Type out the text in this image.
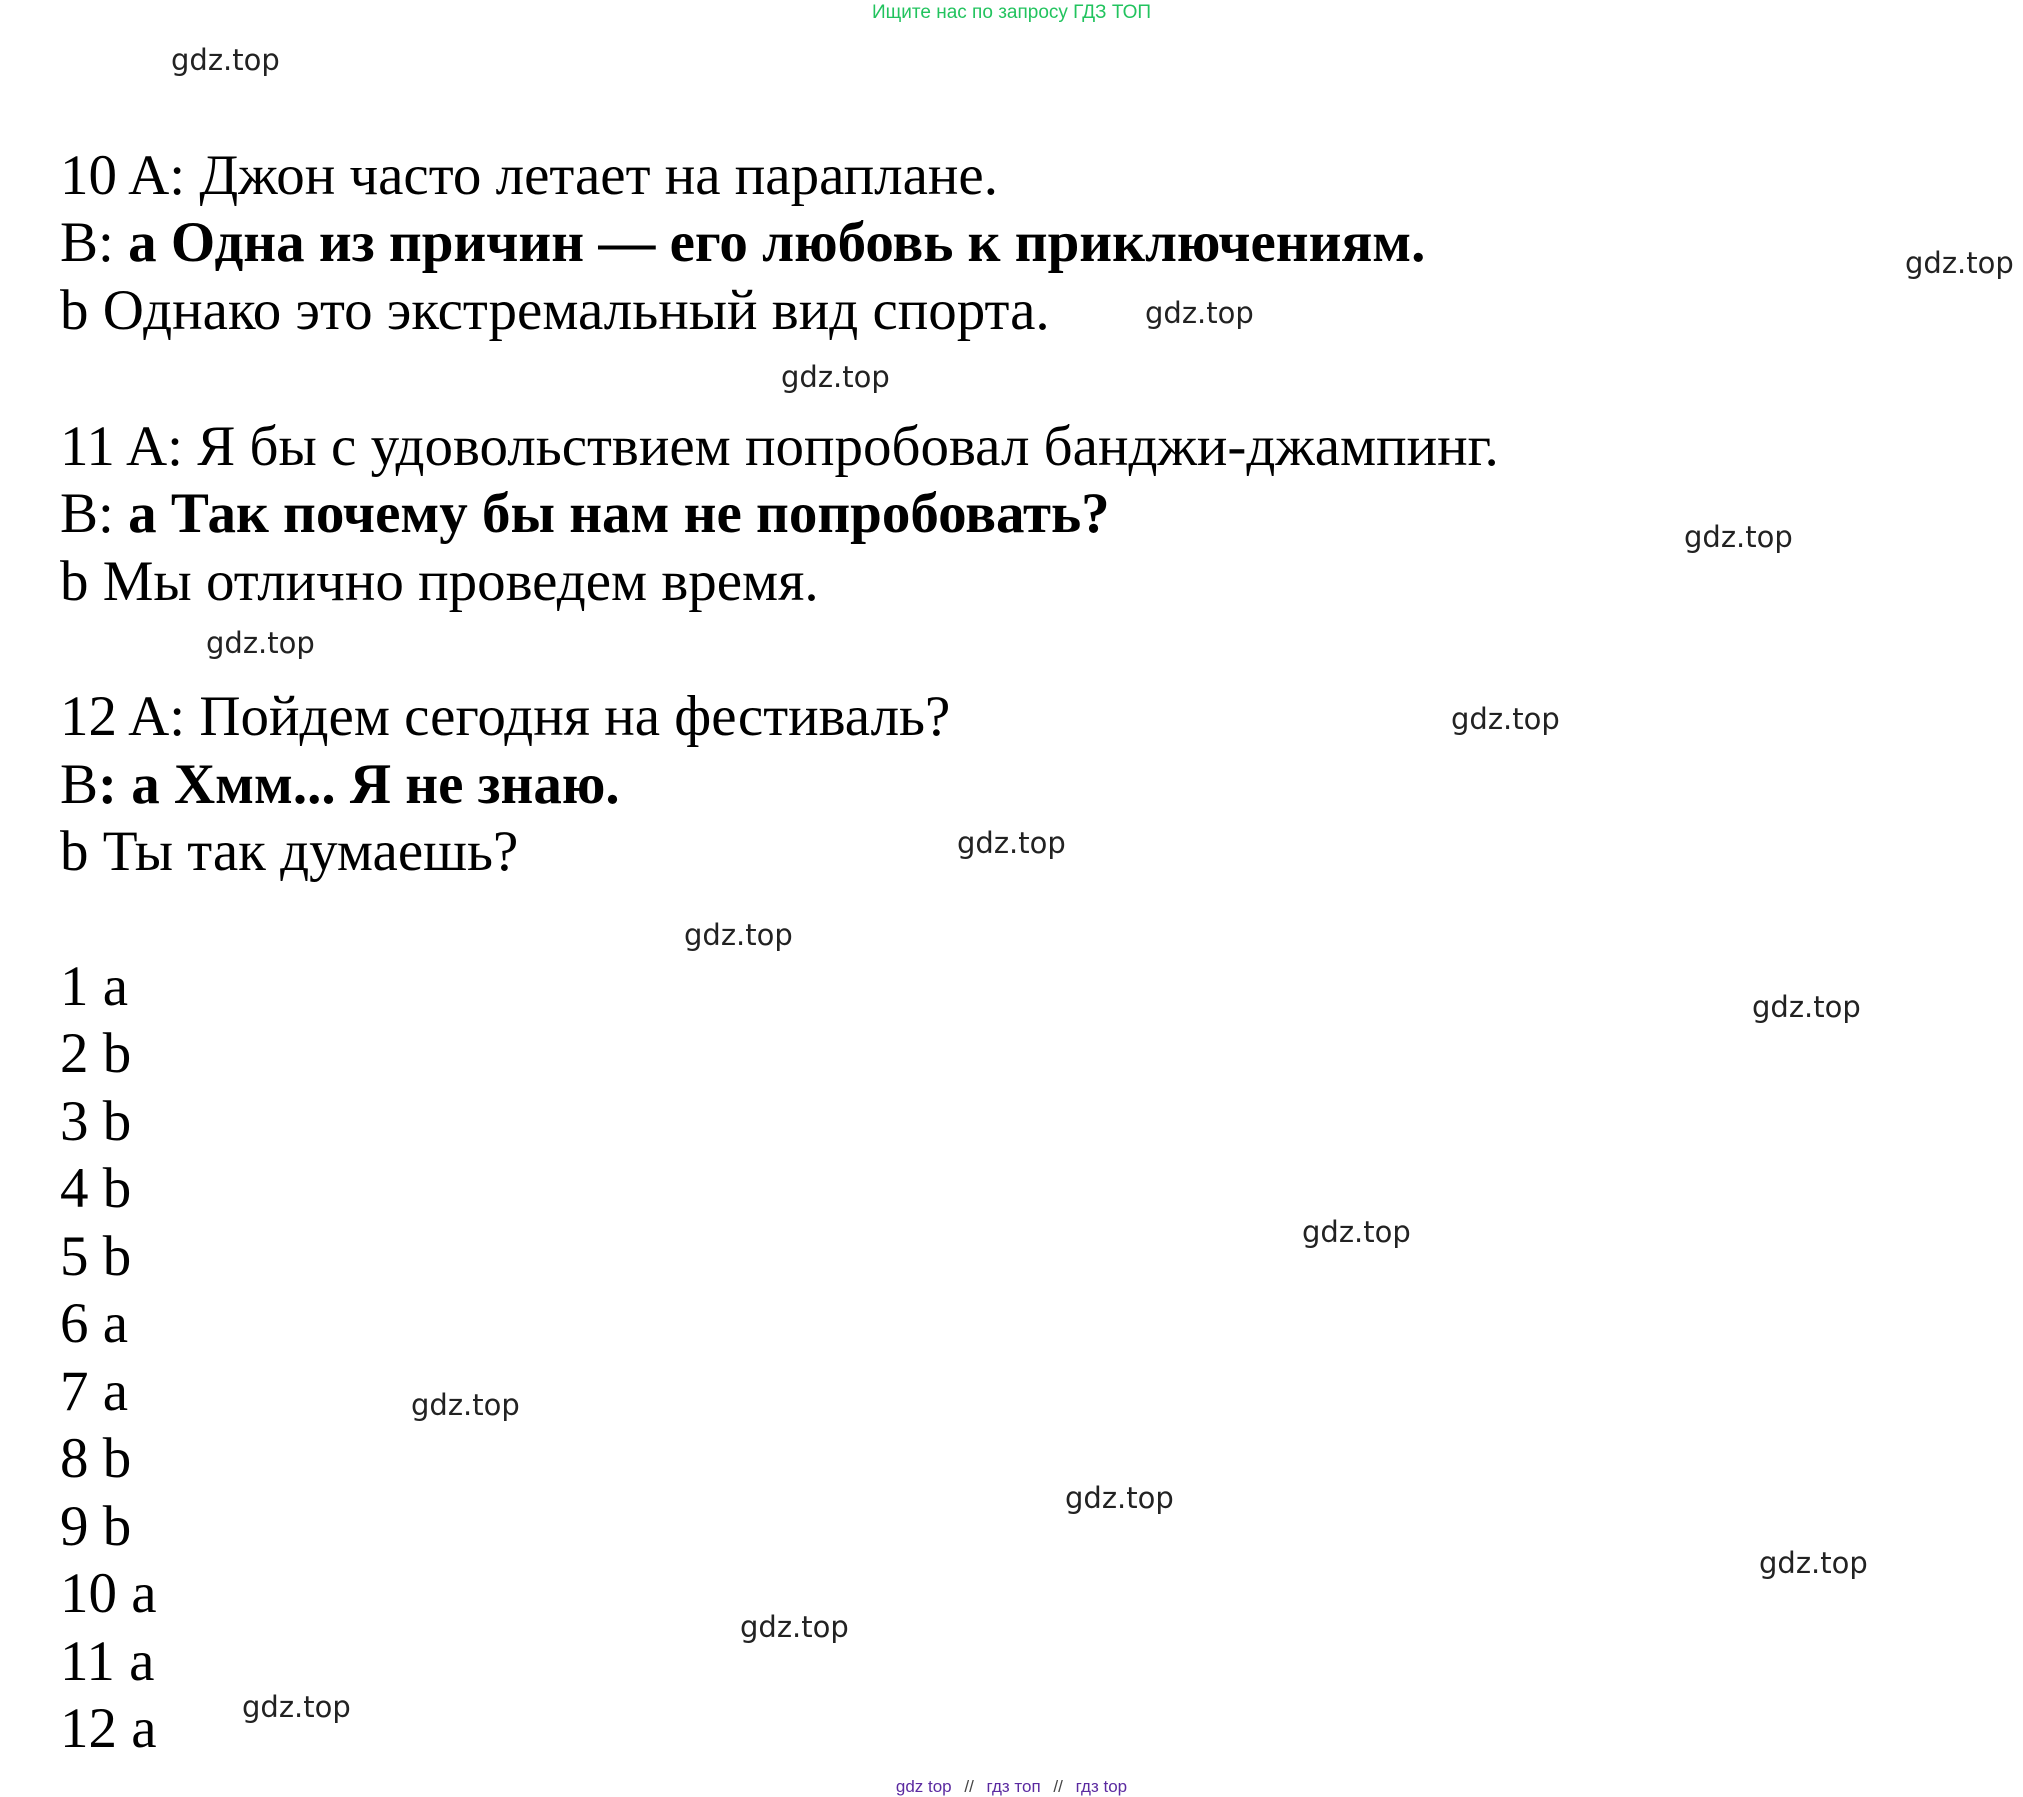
Ищите нас по запросу ГДЗ ТОП
gdz.top
gdz.top
gdz.top
gdz.top
gdz.top
gdz.top
gdz.top
gdz.top
gdz.top
gdz.top
gdz.top
gdz.top
gdz.top
gdz.top
gdz.top
gdz.top
10 A: Джон часто летает на параплане.
B: a Одна из причин — его любовь к приключениям.
b Однако это экстремальный вид спорта.
11 A: Я бы с удовольствием попробовал банджи-джампинг.
B: a Так почему бы нам не попробовать?
b Мы отлично проведем время.
12 A: Пойдем сегодня на фестиваль?
B: a Хмм... Я не знаю.
b Ты так думаешь?
1 a
2 b
3 b
4 b
5 b
6 a
7 a
8 b
9 b
10 a
11 a
12 a
gdz top // гдз топ // гдз top
